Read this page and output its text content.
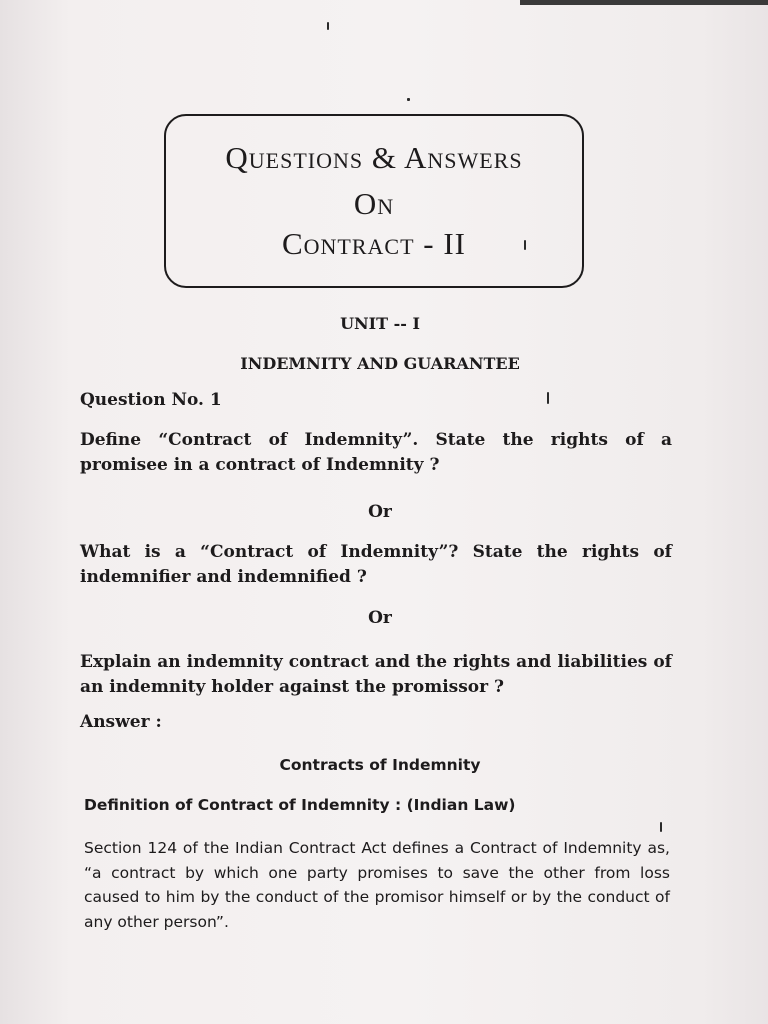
Questions & Answers
On
Contract - II
UNIT -- I
INDEMNITY AND GUARANTEE
Question No. 1
Define “Contract of Indemnity”. State the rights of a promisee in a contract of Indemnity ?
Or
What is a “Contract of Indemnity”? State the rights of indemnifier and indemnified ?
Or
Explain an indemnity contract and the rights and liabilities of an indemnity holder against the promissor ?
Answer :
Contracts of Indemnity
Definition of Contract of Indemnity : (Indian Law)
Section 124 of the Indian Contract Act defines a Contract of Indemnity as, “a contract by which one party promises to save the other from loss caused to him by the conduct of the promisor himself or by the conduct of any other person”.
